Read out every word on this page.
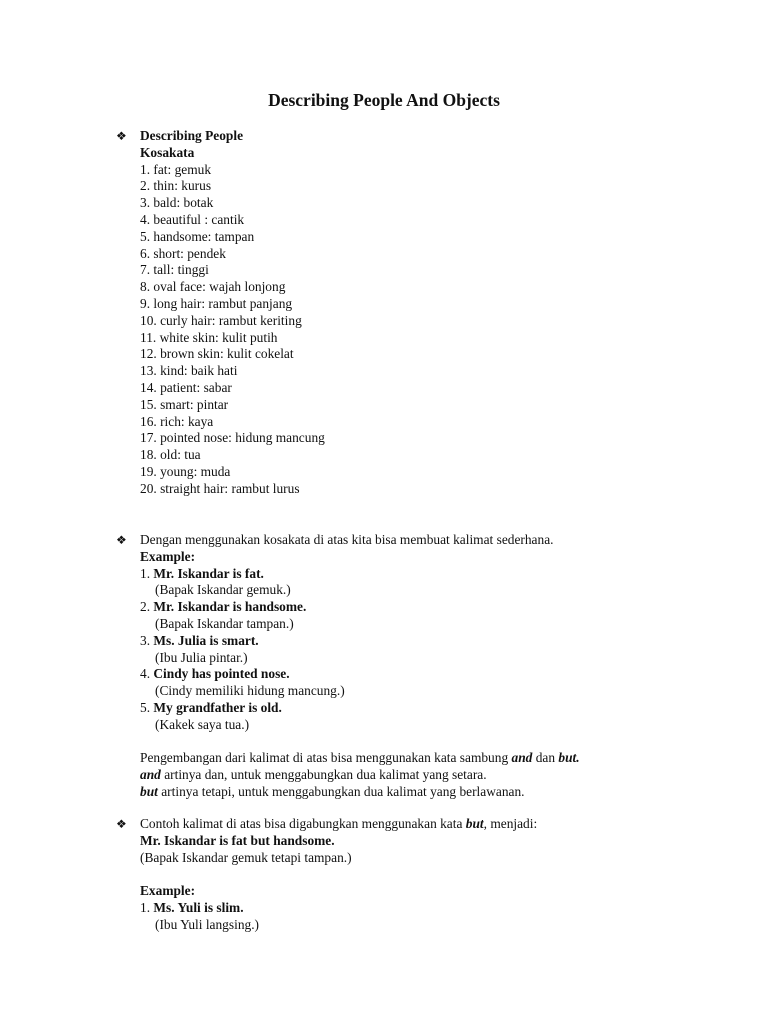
Describing People And Objects
❖ Describing People
Kosakata
1. fat: gemuk
2. thin: kurus
3. bald: botak
4. beautiful : cantik
5. handsome: tampan
6. short: pendek
7. tall: tinggi
8. oval face: wajah lonjong
9. long hair: rambut panjang
10. curly hair: rambut keriting
11. white skin: kulit putih
12. brown skin: kulit cokelat
13. kind: baik hati
14. patient: sabar
15. smart: pintar
16. rich: kaya
17. pointed nose: hidung mancung
18. old: tua
19. young: muda
20. straight hair: rambut lurus
❖ Dengan menggunakan kosakata di atas kita bisa membuat kalimat sederhana.
Example:
1. Mr. Iskandar is fat.
(Bapak Iskandar gemuk.)
2. Mr. Iskandar is handsome.
(Bapak Iskandar tampan.)
3. Ms. Julia is smart.
(Ibu Julia pintar.)
4. Cindy has pointed nose.
(Cindy memiliki hidung mancung.)
5. My grandfather is old.
(Kakek saya tua.)
Pengembangan dari kalimat di atas bisa menggunakan kata sambung and dan but.
and artinya dan, untuk menggabungkan dua kalimat yang setara.
but artinya tetapi, untuk menggabungkan dua kalimat yang berlawanan.
❖ Contoh kalimat di atas bisa digabungkan menggunakan kata but, menjadi:
Mr. Iskandar is fat but handsome.
(Bapak Iskandar gemuk tetapi tampan.)
Example:
1. Ms. Yuli is slim.
(Ibu Yuli langsing.)
